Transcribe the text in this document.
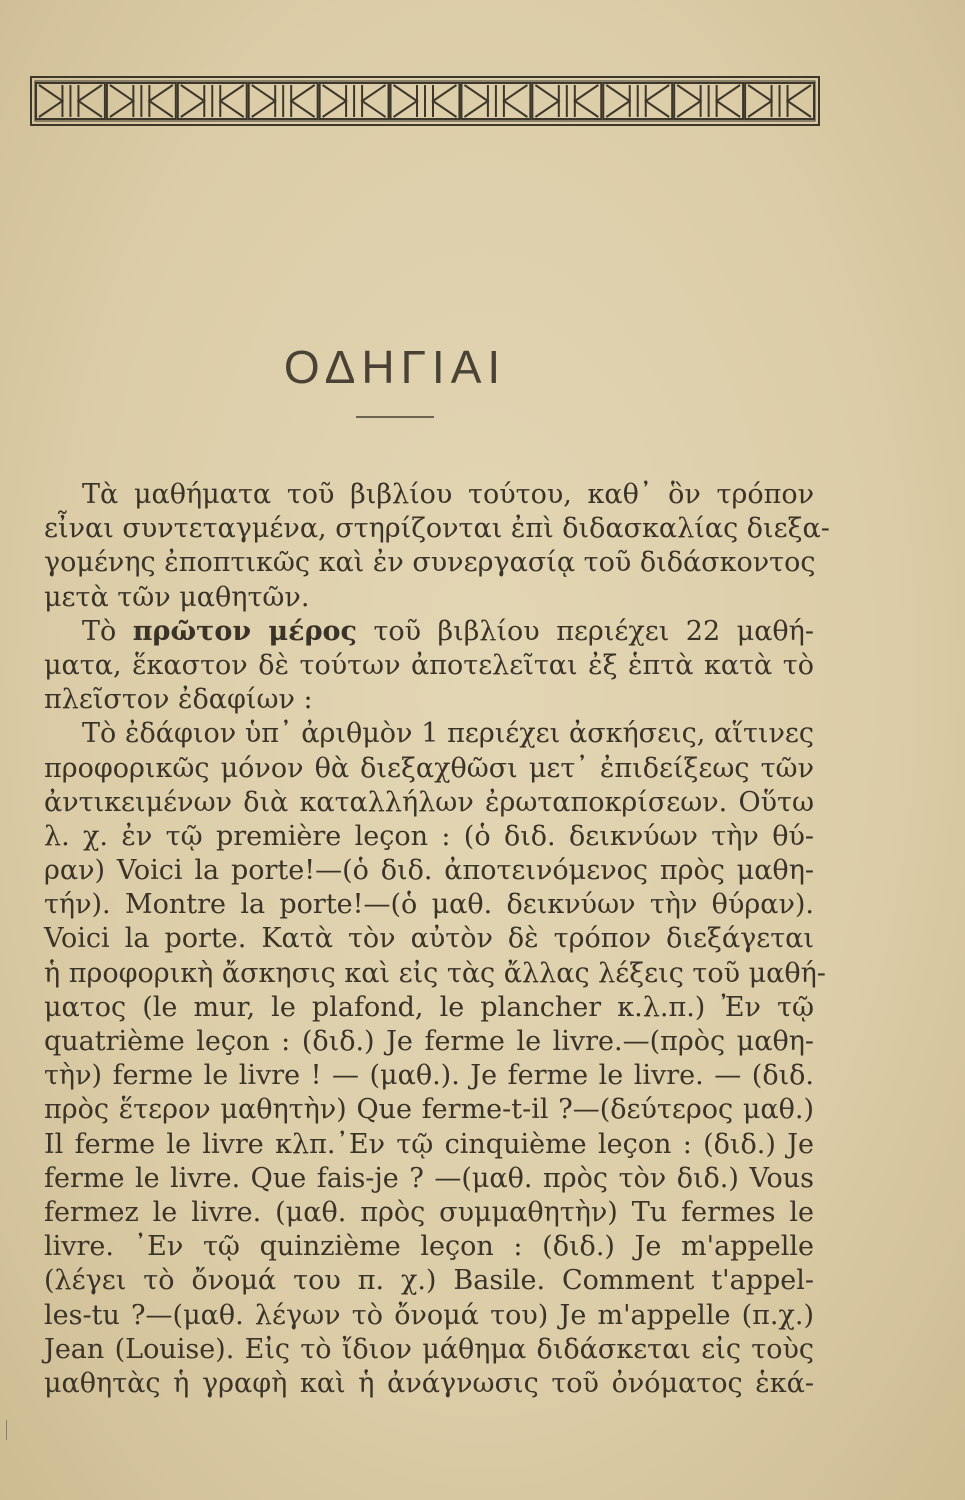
ΟΔΗΓΙΑΙ
Τὰ μαθήματα τοῦ βιβλίου τούτου, καθ᾿ ὃν τρόπον
εἶναι συντεταγμένα, στηρίζονται ἐπὶ διδασκαλίας διεξα-
γομένης ἐποπτικῶς καὶ ἐν συνεργασίᾳ τοῦ διδάσκοντος
μετὰ τῶν μαθητῶν.
Τὸ πρῶτον μέρος τοῦ βιβλίου περιέχει 22 μαθή-
ματα, ἕκαστον δὲ τούτων ἀποτελεῖται ἐξ ἑπτὰ κατὰ τὸ
πλεῖστον ἐδαφίων :
Τὸ ἐδάφιον ὑπ᾿ ἀριθμὸν 1 περιέχει ἀσκήσεις, αἵτινες
προφορικῶς μόνον θὰ διεξαχθῶσι μετ᾿ ἐπιδείξεως τῶν
ἀντικειμένων διὰ καταλλήλων ἐρωταποκρίσεων. Οὕτω
λ. χ. ἐν τῷ première leçon : (ὁ διδ. δεικνύων τὴν θύ-
ραν) Voici la porte!—(ὁ διδ. ἀποτεινόμενος πρὸς μαθη-
τήν). Montre la porte!—(ὁ μαθ. δεικνύων τὴν θύραν).
Voici la porte. Κατὰ τὸν αὐτὸν δὲ τρόπον διεξάγεται
ἡ προφορικὴ ἄσκησις καὶ εἰς τὰς ἄλλας λέξεις τοῦ μαθή-
ματος (le mur, le plafond, le plancher κ.λ.π.) Ἐν τῷ
quatrième leçon : (διδ.) Je ferme le livre.—(πρὸς μαθη-
τὴν) ferme le livre ! — (μαθ.). Je ferme le livre. — (διδ.
πρὸς ἕτερον μαθητὴν) Que ferme-t-il ?—(δεύτερος μαθ.)
Il ferme le livre κλπ.᾿Εν τῷ cinquième leçon : (διδ.) Je
ferme le livre. Que fais-je ? —(μαθ. πρὸς τὸν διδ.) Vous
fermez le livre. (μαθ. πρὸς συμμαθητὴν) Tu fermes le
livre. ᾿Εν τῷ quinzième leçon : (διδ.) Je m'appelle
(λέγει τὸ ὄνομά του π. χ.) Basile. Comment t'appel-
les-tu ?—(μαθ. λέγων τὸ ὄνομά του) Je m'appelle (π.χ.)
Jean (Louise). Εἰς τὸ ἴδιον μάθημα διδάσκεται εἰς τοὺς
μαθητὰς ἡ γραφὴ καὶ ἡ ἀνάγνωσις τοῦ ὀνόματος ἑκά-
